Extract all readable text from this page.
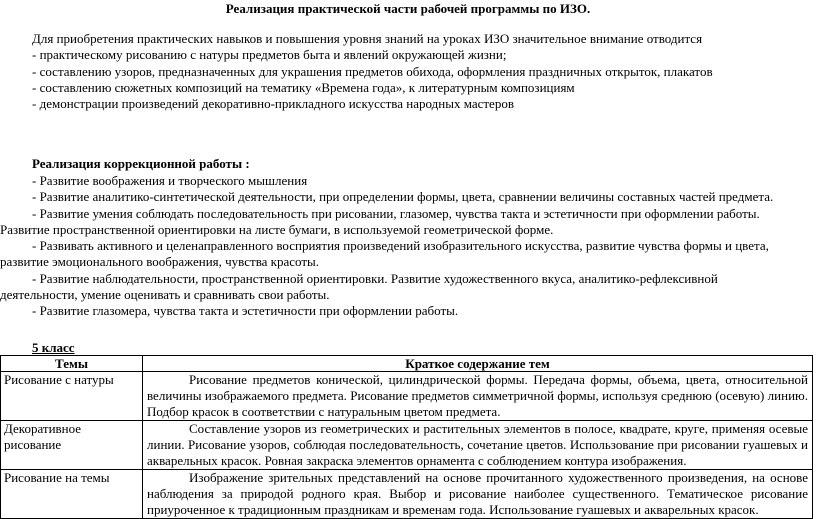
Реализация практической части рабочей программы по ИЗО.
Для приобретения практических навыков и повышения уровня знаний на уроках ИЗО значительное внимание отводится
- практическому рисованию с натуры предметов быта и явлений окружающей жизни;
- составлению узоров, предназначенных для украшения предметов обихода, оформления праздничных открыток, плакатов
- составлению сюжетных композиций на тематику «Времена года», к литературным композициям
- демонстрации произведений декоративно-прикладного искусства народных мастеров
Реализация коррекционной работы :
- Развитие воображения и творческого мышления
- Развитие аналитико-синтетической деятельности, при определении формы, цвета, сравнении величины составных частей предмета.
- Развитие умения соблюдать последовательность при рисовании, глазомер, чувства такта и эстетичности при оформлении работы.
Развитие пространственной ориентировки на листе бумаги, в используемой геометрической форме.
- Развивать активного и целенаправленного восприятия произведений изобразительного искусства, развитие чувства формы и цвета,
развитие эмоционального воображения, чувства красоты.
- Развитие наблюдательности, пространственной ориентировки. Развитие художественного вкуса, аналитико-рефлексивной
деятельности, умение оценивать и сравнивать свои работы.
- Развитие глазомера, чувства такта и эстетичности при оформлении работы.
5 класс
Темы	Краткое содержание тем
Рисование с натуры	Рисование предметов конической, цилиндрической формы. Передача формы, объема, цвета, относительной величины изображаемого предмета. Рисование предметов симметричной формы, используя среднюю (осевую) линию. Подбор красок в соответствии с натуральным цветом предмета.
Декоративное рисование	Составление узоров из геометрических и растительных элементов в полосе, квадрате, круге, применяя осевые линии. Рисование узоров, соблюдая последовательность, сочетание цветов. Использование при рисовании гуашевых и акварельных красок. Ровная закраска элементов орнамента с соблюдением контура изображения.
Рисование на темы	Изображение зрительных представлений на основе прочитанного художественного произведения, на основе наблюдения за природой родного края. Выбор и рисование наиболее существенного. Тематическое рисование приуроченное к традиционным праздникам и временам года. Использование гуашевых и акварельных красок.
